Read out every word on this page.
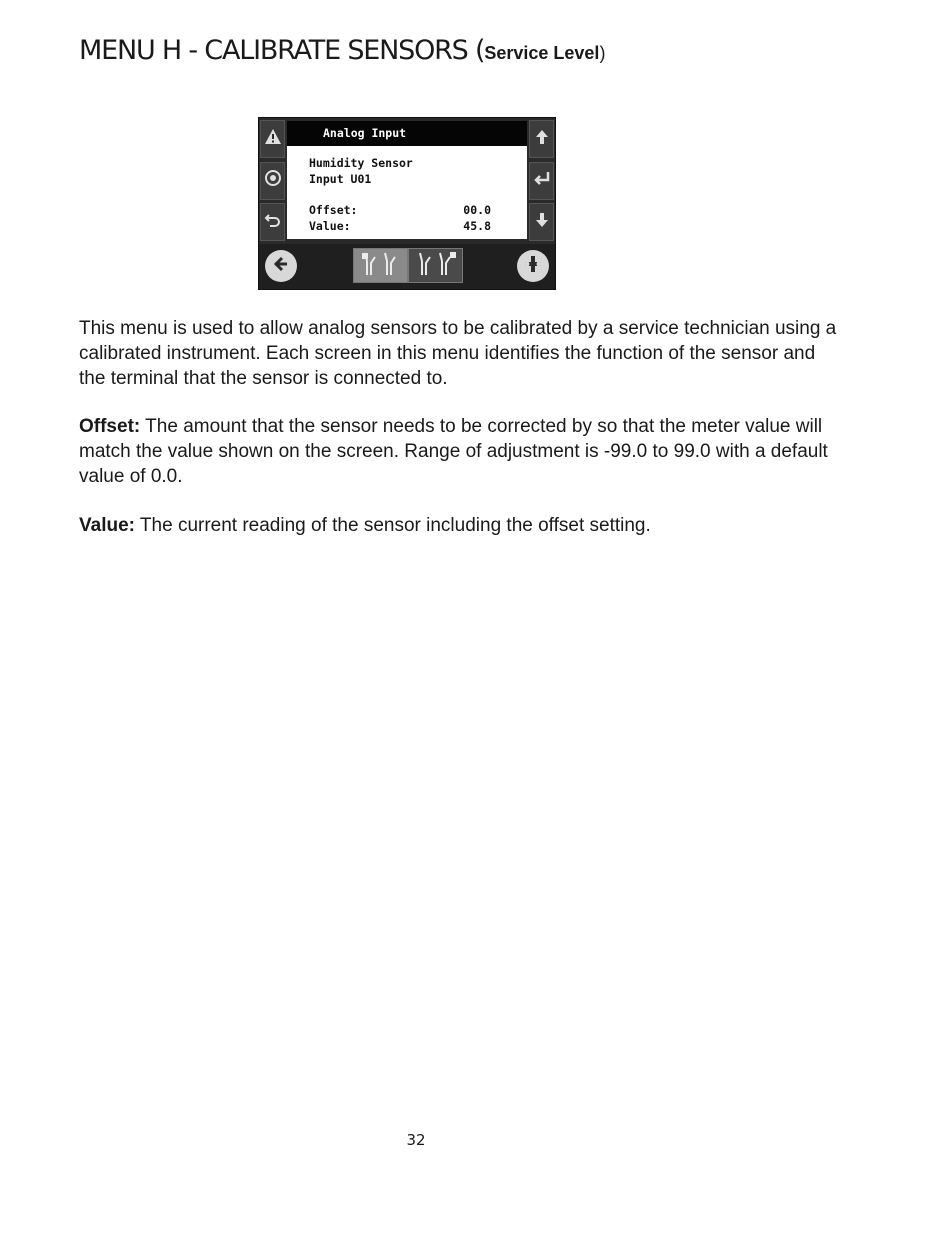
MENU H - CALIBRATE SENSORS (Service Level)
Analog Input
Humidity Sensor
Input U01
Offset:	00.0
Value:	45.8

This menu is used to allow analog sensors to be calibrated by a service technician using a calibrated instrument. Each screen in this menu identifies the function of the sensor and the terminal that the sensor is connected to.

Offset: The amount that the sensor needs to be corrected by so that the meter value will match the value shown on the screen. Range of adjustment is -99.0 to 99.0 with a default value of 0.0.

Value: The current reading of the sensor including the offset setting.

32
